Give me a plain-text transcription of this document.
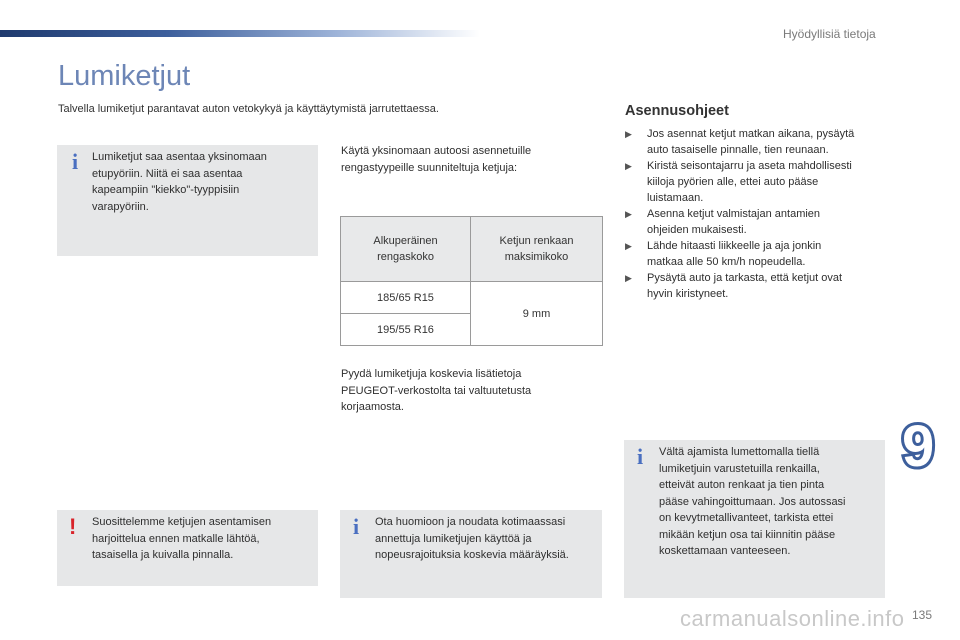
Hyödyllisiä tietoja
Lumiketjut
Talvella lumiketjut parantavat auton vetokykyä ja käyttäytymistä jarrutettaessa.
i Lumiketjut saa asentaa yksinomaan
etupyöriin. Niitä ei saa asentaa
kapeampiin "kiekko"-tyyppisiin
varapyöriin.

Käytä yksinomaan autoosi asennetuille
rengastyypeille suunniteltuja ketjuja:

Alkuperäinen
rengaskoko	Ketjun renkaan
maksimikoko
185/65 R15	9 mm
195/55 R16	

Pyydä lumiketjuja koskevia lisätietoja
PEUGEOT-verkostolta tai valtuutetusta
korjaamosta.

! Suosittelemme ketjujen asentamisen
harjoittelua ennen matkalle lähtöä,
tasaisella ja kuivalla pinnalla.

i Ota huomioon ja noudata kotimaassasi
annettuja lumiketjujen käyttöä ja
nopeusrajoituksia koskevia määräyksiä.

Asennusohjeet
▶ Jos asennat ketjut matkan aikana, pysäytä
auto tasaiselle pinnalle, tien reunaan.
▶ Kiristä seisontajarru ja aseta mahdollisesti
kiiloja pyörien alle, ettei auto pääse
luistamaan.
▶ Asenna ketjut valmistajan antamien
ohjeiden mukaisesti.
▶ Lähde hitaasti liikkeelle ja aja jonkin
matkaa alle 50 km/h nopeudella.
▶ Pysäytä auto ja tarkasta, että ketjut ovat
hyvin kiristyneet.
i Vältä ajamista lumettomalla tiellä
lumiketjuin varustetuilla renkailla,
etteivät auton renkaat ja tien pinta
pääse vahingoittumaan. Jos autossasi
on kevytmetallivanteet, tarkista ettei
mikään ketjun osa tai kiinnitin pääse
koskettamaan vanteeseen.

9
carmanualsonline.info 135
